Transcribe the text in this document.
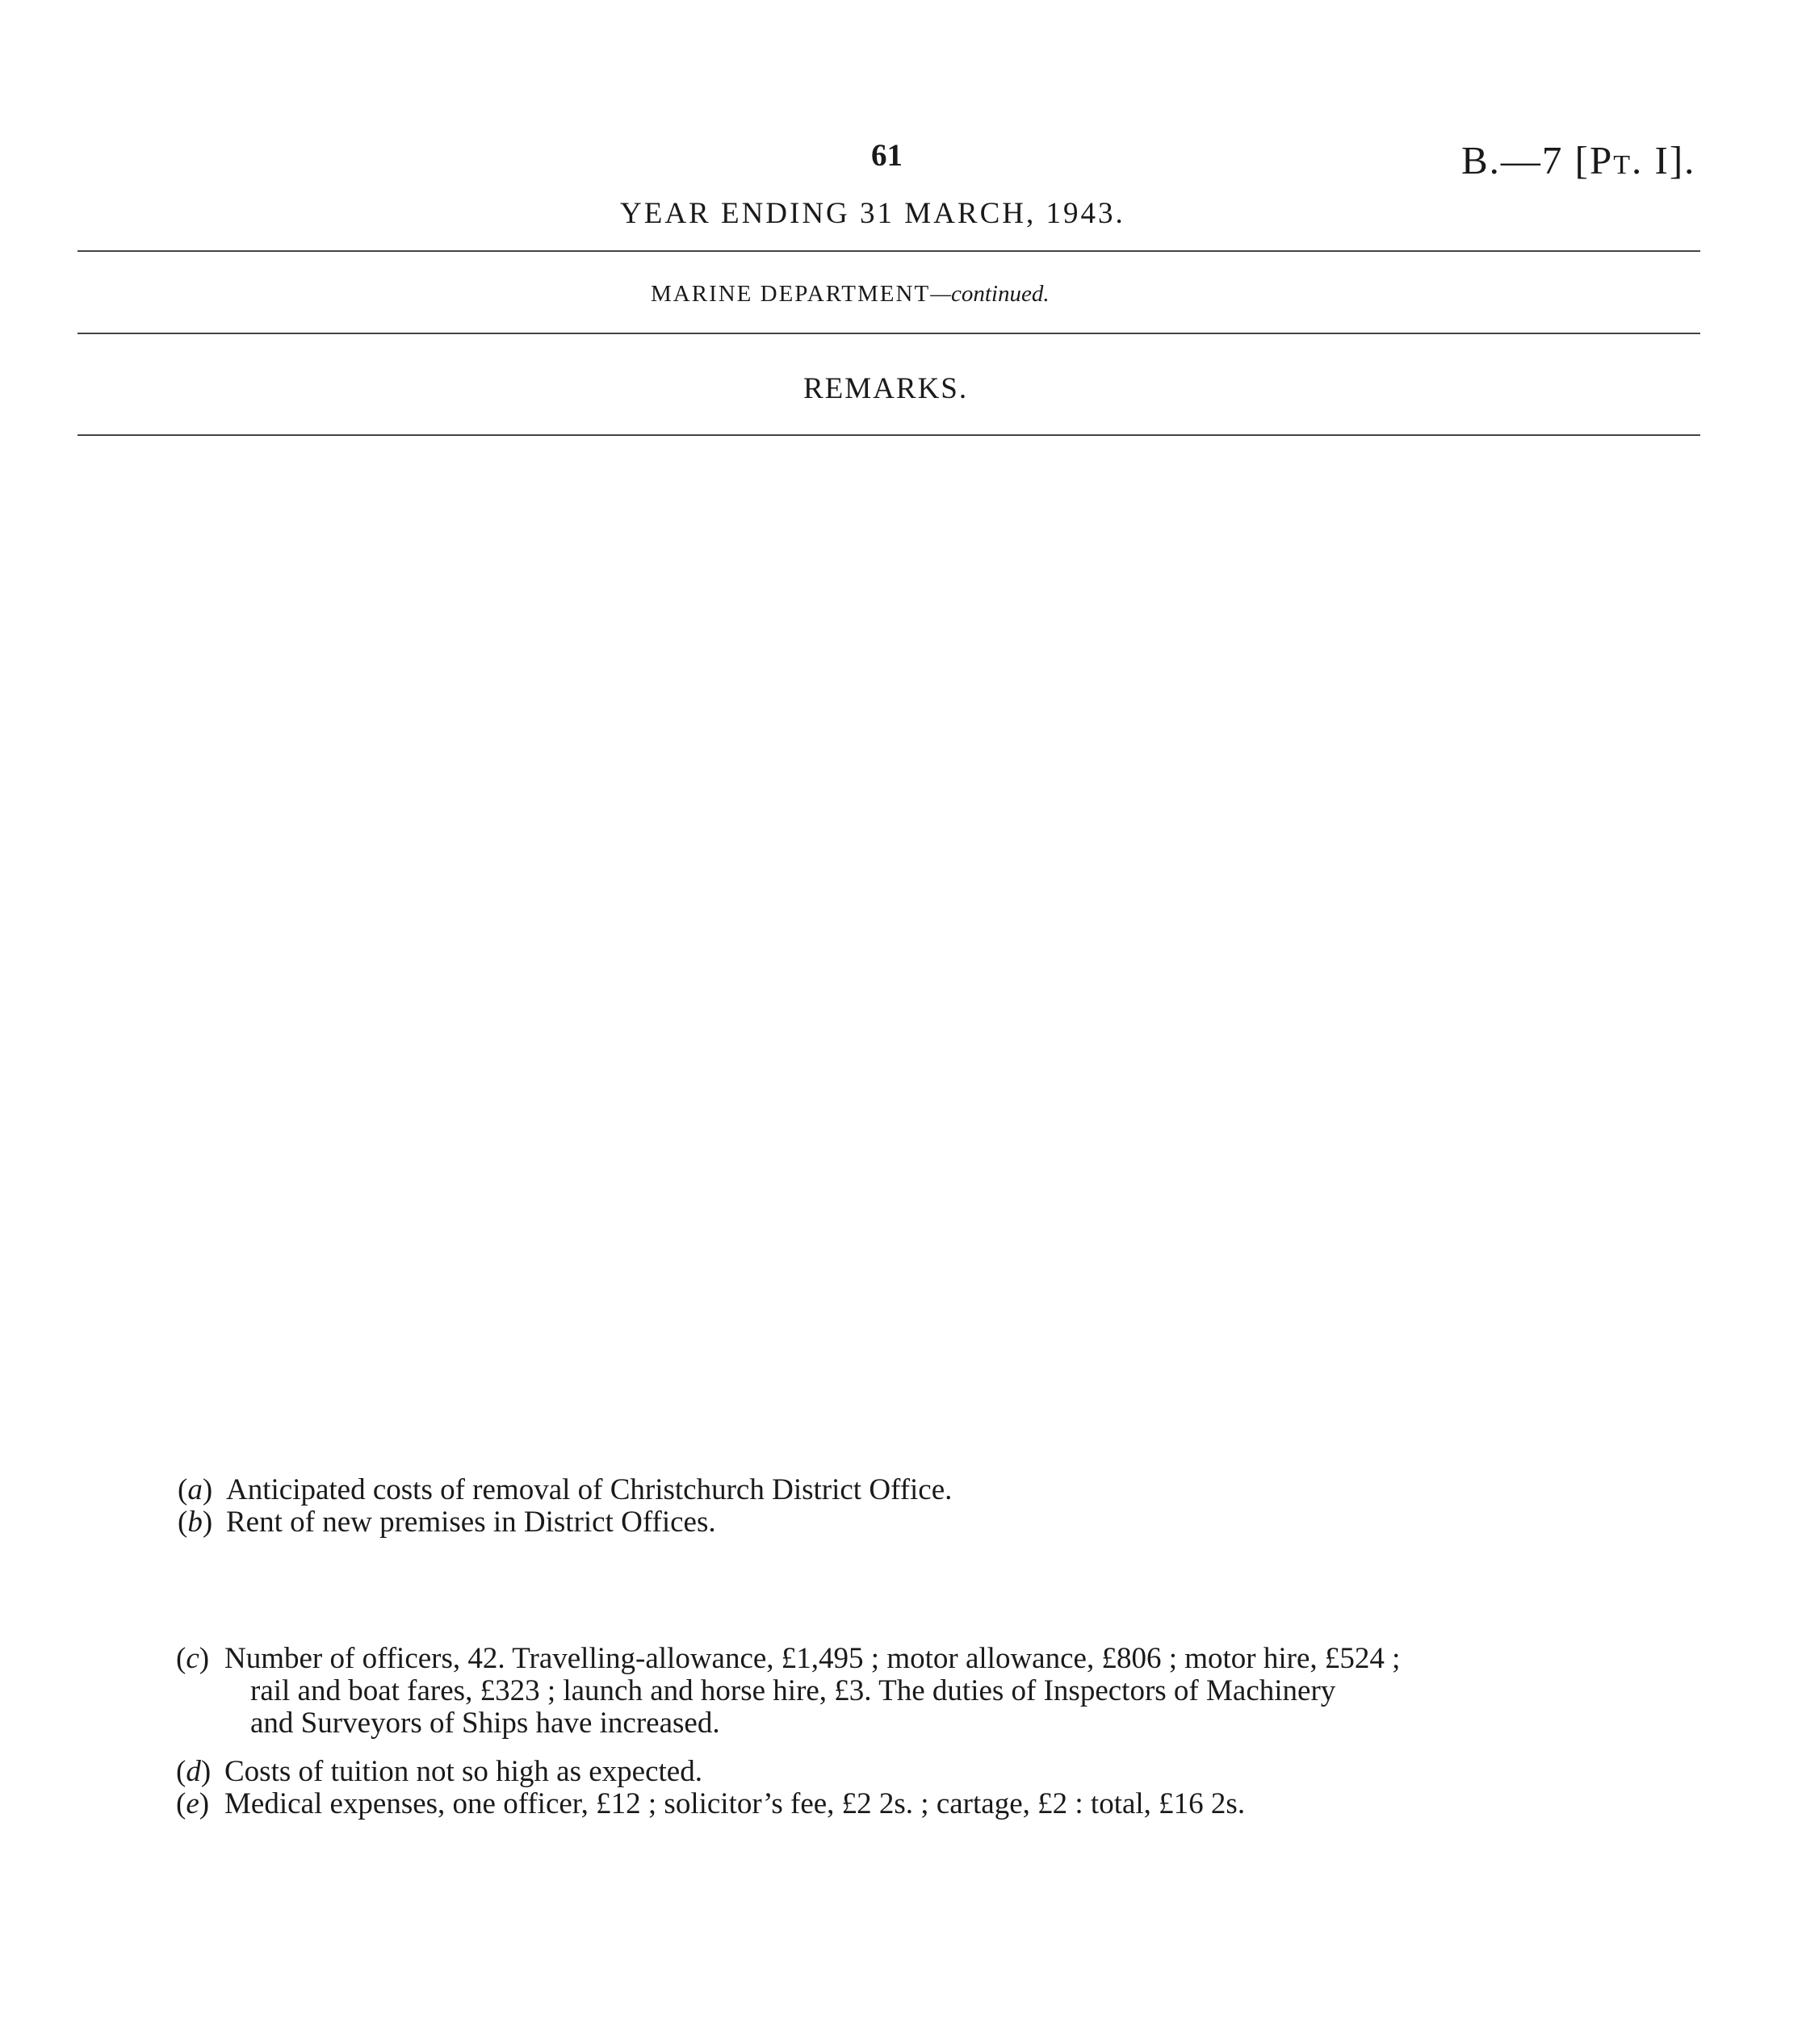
61	B.—7 [Pt. I].
YEAR ENDING 31 MARCH, 1943.
MARINE DEPARTMENT—continued.
REMARKS.
(a) Anticipated costs of removal of Christchurch District Office.
(b) Rent of new premises in District Offices.
(c) Number of officers, 42. Travelling-allowance, £1,495 ; motor allowance, £806 ; motor hire, £524 ;
rail and boat fares, £323 ; launch and horse hire, £3. The duties of Inspectors of Machinery
and Surveyors of Ships have increased.
(d) Costs of tuition not so high as expected.
(e) Medical expenses, one officer, £12 ; solicitor’s fee, £2 2s. ; cartage, £2 : total, £16 2s.
